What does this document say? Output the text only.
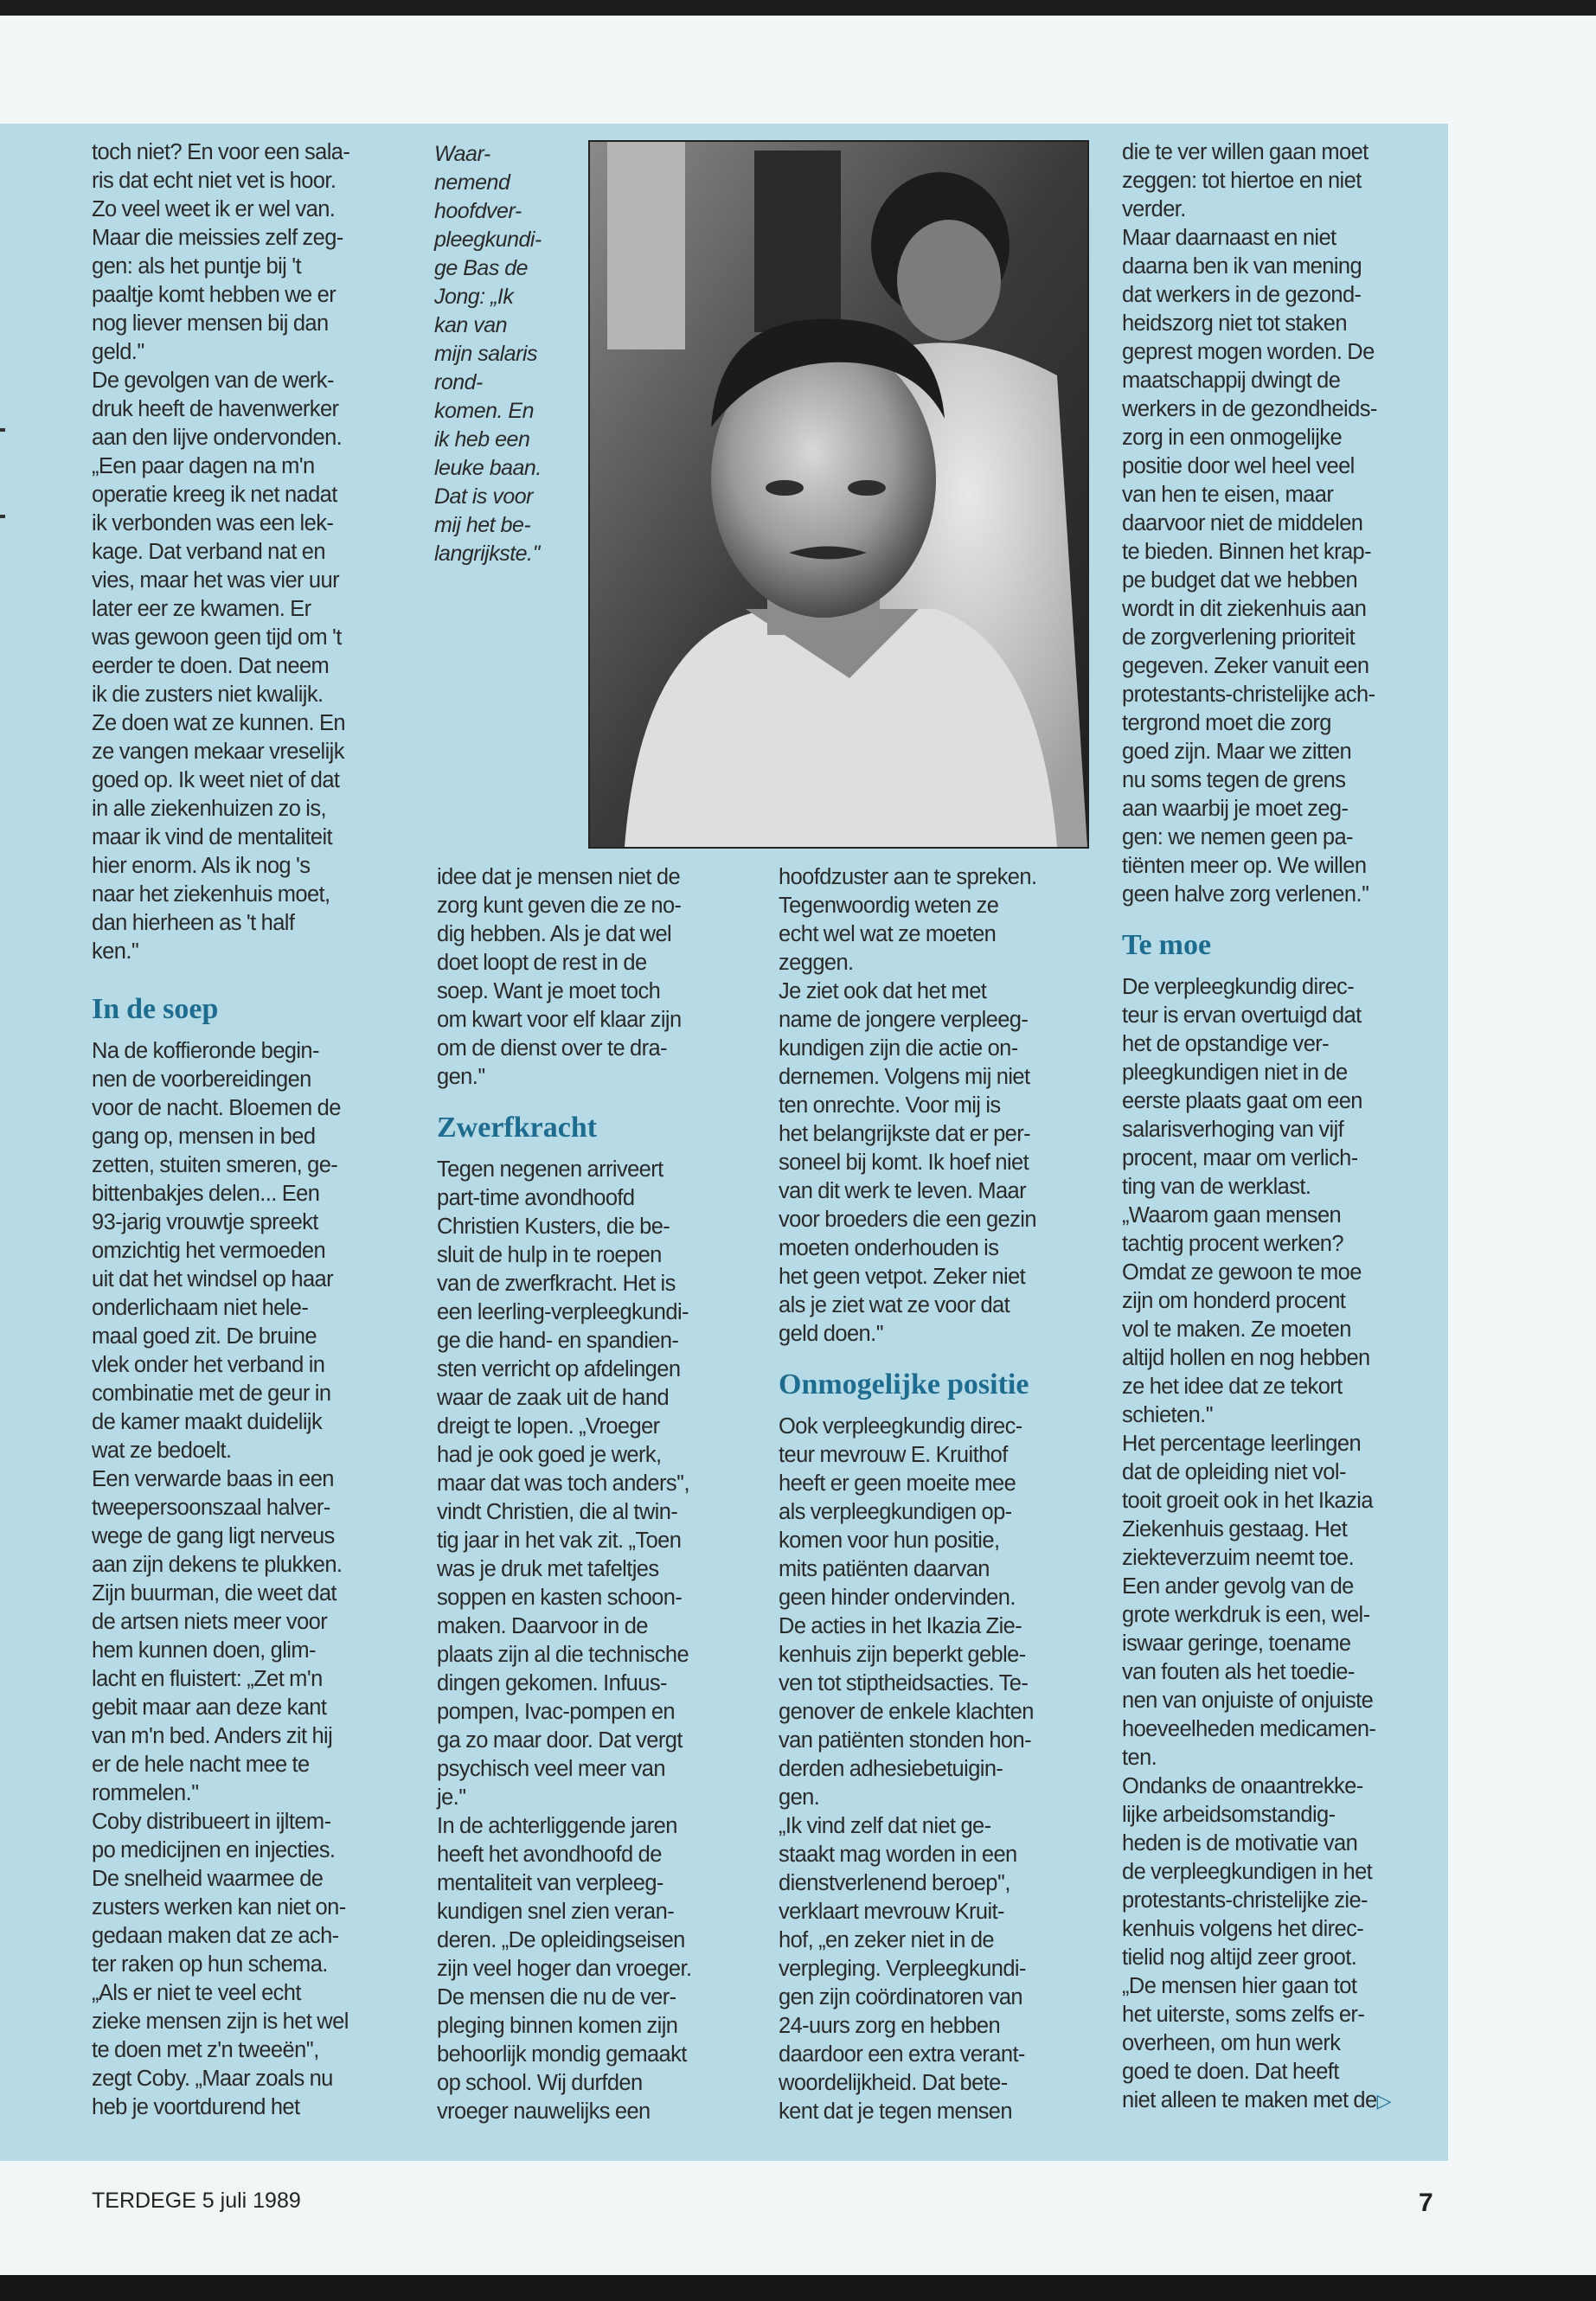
toch niet? En voor een sala-
ris dat echt niet vet is hoor.
Zo veel weet ik er wel van.
Maar die meissies zelf zeg-
gen: als het puntje bij 't
paaltje komt hebben we er
nog liever mensen bij dan
geld.''
De gevolgen van de werk-
druk heeft de havenwerker
aan den lijve ondervonden.
„Een paar dagen na m'n
operatie kreeg ik net nadat
ik verbonden was een lek-
kage. Dat verband nat en
vies, maar het was vier uur
later eer ze kwamen. Er
was gewoon geen tijd om 't
eerder te doen. Dat neem
ik die zusters niet kwalijk.
Ze doen wat ze kunnen. En
ze vangen mekaar vreselijk
goed op. Ik weet niet of dat
in alle ziekenhuizen zo is,
maar ik vind de mentaliteit
hier enorm. Als ik nog 's
naar het ziekenhuis moet,
dan hierheen as 't half
ken.''

In de soep

Na de koffieronde begin-
nen de voorbereidingen
voor de nacht. Bloemen de
gang op, mensen in bed
zetten, stuiten smeren, ge-
bittenbakjes delen... Een
93-jarig vrouwtje spreekt
omzichtig het vermoeden
uit dat het windsel op haar
onderlichaam niet hele-
maal goed zit. De bruine
vlek onder het verband in
combinatie met de geur in
de kamer maakt duidelijk
wat ze bedoelt.
Een verwarde baas in een
tweepersoonszaal halver-
wege de gang ligt nerveus
aan zijn dekens te plukken.
Zijn buurman, die weet dat
de artsen niets meer voor
hem kunnen doen, glim-
lacht en fluistert: „Zet m'n
gebit maar aan deze kant
van m'n bed. Anders zit hij
er de hele nacht mee te
rommelen.''
Coby distribueert in ijltem-
po medicijnen en injecties.
De snelheid waarmee de
zusters werken kan niet on-
gedaan maken dat ze ach-
ter raken op hun schema.
„Als er niet te veel echt
zieke mensen zijn is het wel
te doen met z'n tweeën'',
zegt Coby. „Maar zoals nu
heb je voortdurend het

Waar-
nemend
hoofdver-
pleegkundi-
ge Bas de
Jong: „Ik
kan van
mijn salaris
rond-
komen. En
ik heb een
leuke baan.
Dat is voor
mij het be-
langrijkste.''

idee dat je mensen niet de
zorg kunt geven die ze no-
dig hebben. Als je dat wel
doet loopt de rest in de
soep. Want je moet toch
om kwart voor elf klaar zijn
om de dienst over te dra-
gen.''

Zwerfkracht

Tegen negenen arriveert
part-time avondhoofd
Christien Kusters, die be-
sluit de hulp in te roepen
van de zwerfkracht. Het is
een leerling-verpleegkundi-
ge die hand- en spandien-
sten verricht op afdelingen
waar de zaak uit de hand
dreigt te lopen. „Vroeger
had je ook goed je werk,
maar dat was toch anders'',
vindt Christien, die al twin-
tig jaar in het vak zit. „Toen
was je druk met tafeltjes
soppen en kasten schoon-
maken. Daarvoor in de
plaats zijn al die technische
dingen gekomen. Infuus-
pompen, Ivac-pompen en
ga zo maar door. Dat vergt
psychisch veel meer van
je.''
In de achterliggende jaren
heeft het avondhoofd de
mentaliteit van verpleeg-
kundigen snel zien veran-
deren. „De opleidingseisen
zijn veel hoger dan vroeger.
De mensen die nu de ver-
pleging binnen komen zijn
behoorlijk mondig gemaakt
op school. Wij durfden
vroeger nauwelijks een

hoofdzuster aan te spreken.
Tegenwoordig weten ze
echt wel wat ze moeten
zeggen.
Je ziet ook dat het met
name de jongere verpleeg-
kundigen zijn die actie on-
dernemen. Volgens mij niet
ten onrechte. Voor mij is
het belangrijkste dat er per-
soneel bij komt. Ik hoef niet
van dit werk te leven. Maar
voor broeders die een gezin
moeten onderhouden is
het geen vetpot. Zeker niet
als je ziet wat ze voor dat
geld doen.''

Onmogelijke positie

Ook verpleegkundig direc-
teur mevrouw E. Kruithof
heeft er geen moeite mee
als verpleegkundigen op-
komen voor hun positie,
mits patiënten daarvan
geen hinder ondervinden.
De acties in het Ikazia Zie-
kenhuis zijn beperkt geble-
ven tot stiptheidsacties. Te-
genover de enkele klachten
van patiënten stonden hon-
derden adhesiebetuigin-
gen.
„Ik vind zelf dat niet ge-
staakt mag worden in een
dienstverlenend beroep'',
verklaart mevrouw Kruit-
hof, „en zeker niet in de
verpleging. Verpleegkundi-
gen zijn coördinatoren van
24-uurs zorg en hebben
daardoor een extra verant-
woordelijkheid. Dat bete-
kent dat je tegen mensen

die te ver willen gaan moet
zeggen: tot hiertoe en niet
verder.
Maar daarnaast en niet
daarna ben ik van mening
dat werkers in de gezond-
heidszorg niet tot staken
geprest mogen worden. De
maatschappij dwingt de
werkers in de gezondheids-
zorg in een onmogelijke
positie door wel heel veel
van hen te eisen, maar
daarvoor niet de middelen
te bieden. Binnen het krap-
pe budget dat we hebben
wordt in dit ziekenhuis aan
de zorgverlening prioriteit
gegeven. Zeker vanuit een
protestants-christelijke ach-
tergrond moet die zorg
goed zijn. Maar we zitten
nu soms tegen de grens
aan waarbij je moet zeg-
gen: we nemen geen pa-
tiënten meer op. We willen
geen halve zorg verlenen.''

Te moe

De verpleegkundig direc-
teur is ervan overtuigd dat
het de opstandige ver-
pleegkundigen niet in de
eerste plaats gaat om een
salarisverhoging van vijf
procent, maar om verlich-
ting van de werklast.
„Waarom gaan mensen
tachtig procent werken?
Omdat ze gewoon te moe
zijn om honderd procent
vol te maken. Ze moeten
altijd hollen en nog hebben
ze het idee dat ze tekort
schieten.''
Het percentage leerlingen
dat de opleiding niet vol-
tooit groeit ook in het Ikazia
Ziekenhuis gestaag. Het
ziekteverzuim neemt toe.
Een ander gevolg van de
grote werkdruk is een, wel-
iswaar geringe, toename
van fouten als het toedie-
nen van onjuiste of onjuiste
hoeveelheden medicamen-
ten.
Ondanks de onaantrekke-
lijke arbeidsomstandig-
heden is de motivatie van
de verpleegkundigen in het
protestants-christelijke zie-
kenhuis volgens het direc-
tielid nog altijd zeer groot.
„De mensen hier gaan tot
het uiterste, soms zelfs er-
overheen, om hun werk
goed te doen. Dat heeft
niet alleen te maken met de

▷
TERDEGE 5 juli 1989	7
